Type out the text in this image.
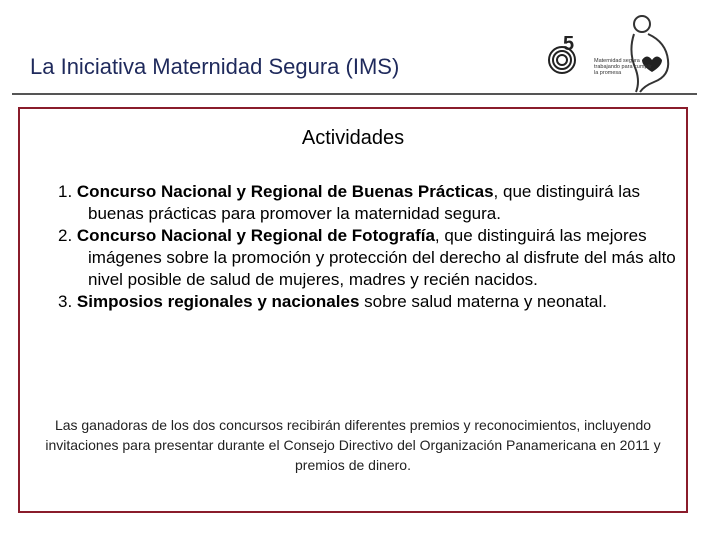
La Iniciativa Maternidad Segura (IMS)
5
Maternidad segura trabajando para cumplir la promesa
Actividades

1. Concurso Nacional y Regional de Buenas Prácticas, que distinguirá las buenas prácticas para promover la maternidad segura.

2. Concurso Nacional y Regional de Fotografía, que distinguirá las mejores imágenes sobre la promoción y protección del derecho al disfrute del más alto nivel posible de salud de mujeres, madres y recién nacidos.

3. Simposios regionales y nacionales sobre salud materna y neonatal.

Las ganadoras de los dos concursos recibirán diferentes premios y reconocimientos, incluyendo invitaciones para presentar durante el Consejo Directivo del Organización Panamericana en 2011 y premios de dinero.
